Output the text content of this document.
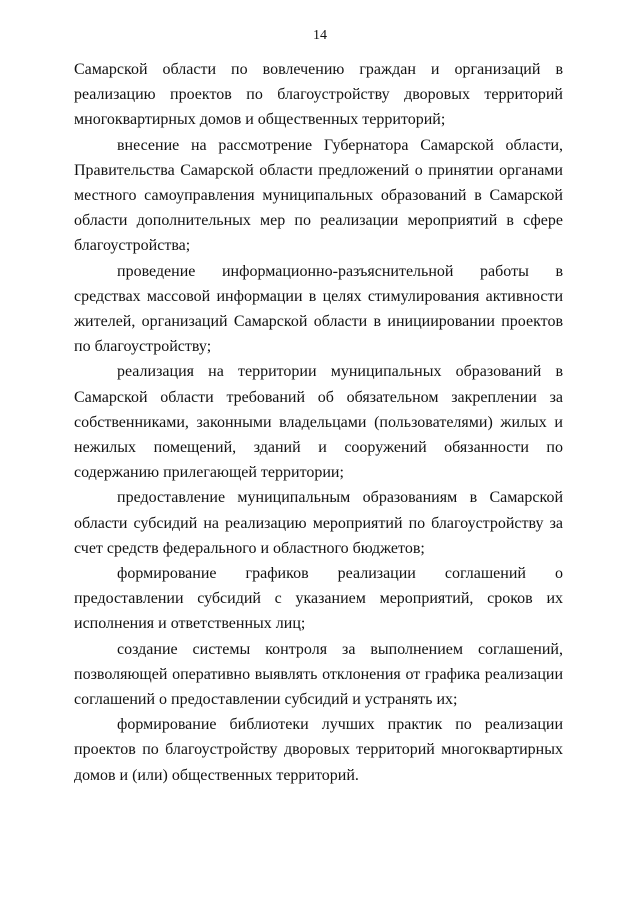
14

Самарской области по вовлечению граждан и организаций в реализацию проектов по благоустройству дворовых территорий многоквартирных домов и общественных территорий;

внесение на рассмотрение Губернатора Самарской области, Правительства Самарской области предложений о принятии органами местного самоуправления муниципальных образований в Самарской области дополнительных мер по реализации мероприятий в сфере благоустройства;

проведение информационно-разъяснительной работы в средствах массовой информации в целях стимулирования активности жителей, организаций Самарской области в инициировании проектов по благоустройству;

реализация на территории муниципальных образований в Самарской области требований об обязательном закреплении за собственниками, законными владельцами (пользователями) жилых и нежилых помещений, зданий и сооружений обязанности по содержанию прилегающей территории;

предоставление муниципальным образованиям в Самарской области субсидий на реализацию мероприятий по благоустройству за счет средств федерального и областного бюджетов;

формирование графиков реализации соглашений о предоставлении субсидий с указанием мероприятий, сроков их исполнения и ответственных лиц;

создание системы контроля за выполнением соглашений, позволяющей оперативно выявлять отклонения от графика реализации соглашений о предоставлении субсидий и устранять их;

формирование библиотеки лучших практик по реализации проектов по благоустройству дворовых территорий многоквартирных домов и (или) общественных территорий.
